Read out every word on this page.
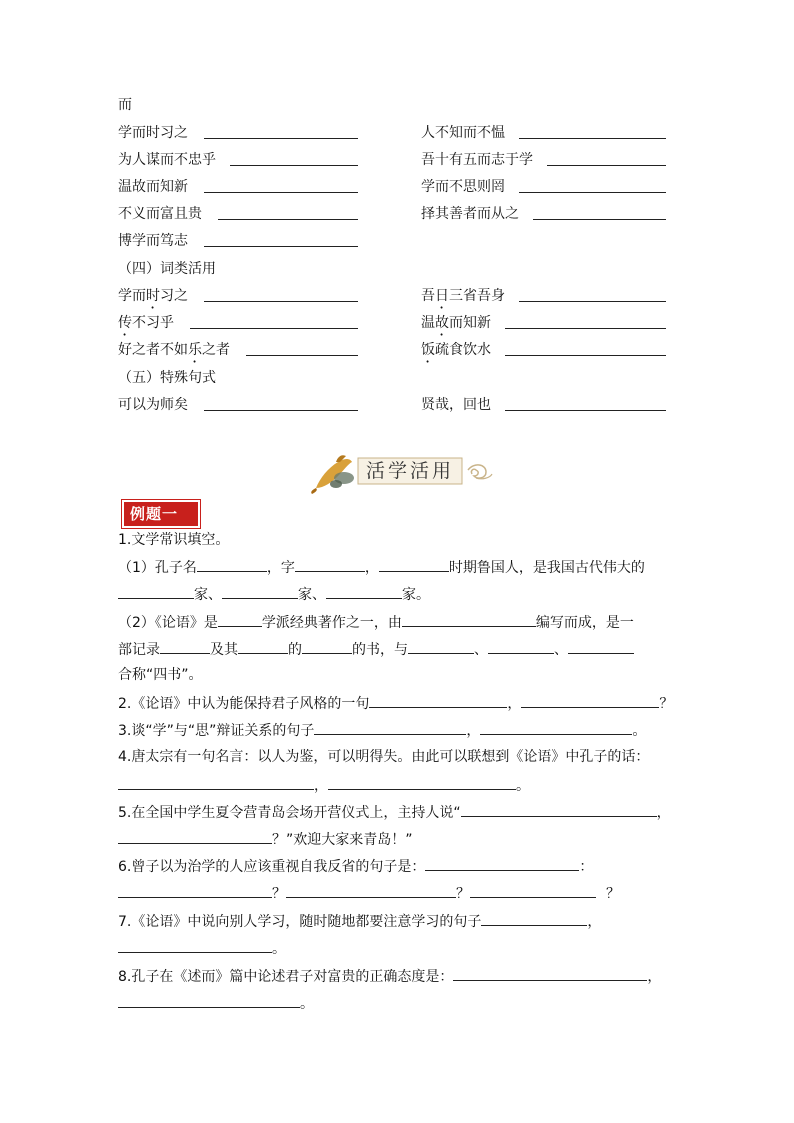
而
学而时习之	人不知而不愠
为人谋而不忠乎	吾十有五而志于学
温故而知新	学而不思则罔
不义而富且贵	择其善者而从之
博学而笃志
（四）词类活用
学而时习之	吾日三省吾身
传不习乎	温故而知新
好之者不如乐之者	饭疏食饮水
（五）特殊句式
可以为师矣	贤哉，回也
活学活用
例题一
1.文学常识填空。
（1）孔子名	，字	，	时期鲁国人，是我国古代伟大的
家、	家、	家。
（2）《论语》是	学派经典著作之一，由	编写而成，是一
部记录	及其	的	的书，与	、	、
合称“四书”。
2.《论语》中认为能保持君子风格的一句	，	？
3.谈“学”与“思”辩证关系的句子	，	。
4.唐太宗有一句名言：以人为鉴，可以明得失。由此可以联想到《论语》中孔子的话：
，	。
5.在全国中学生夏令营青岛会场开营仪式上，主持人说“	，
？”欢迎大家来青岛！”
6.曾子以为治学的人应该重视自我反省的句子是：	：
？	？	？
7.《论语》中说向别人学习，随时随地都要注意学习的句子	，
。
8.孔子在《述而》篇中论述君子对富贵的正确态度是：	，
。
